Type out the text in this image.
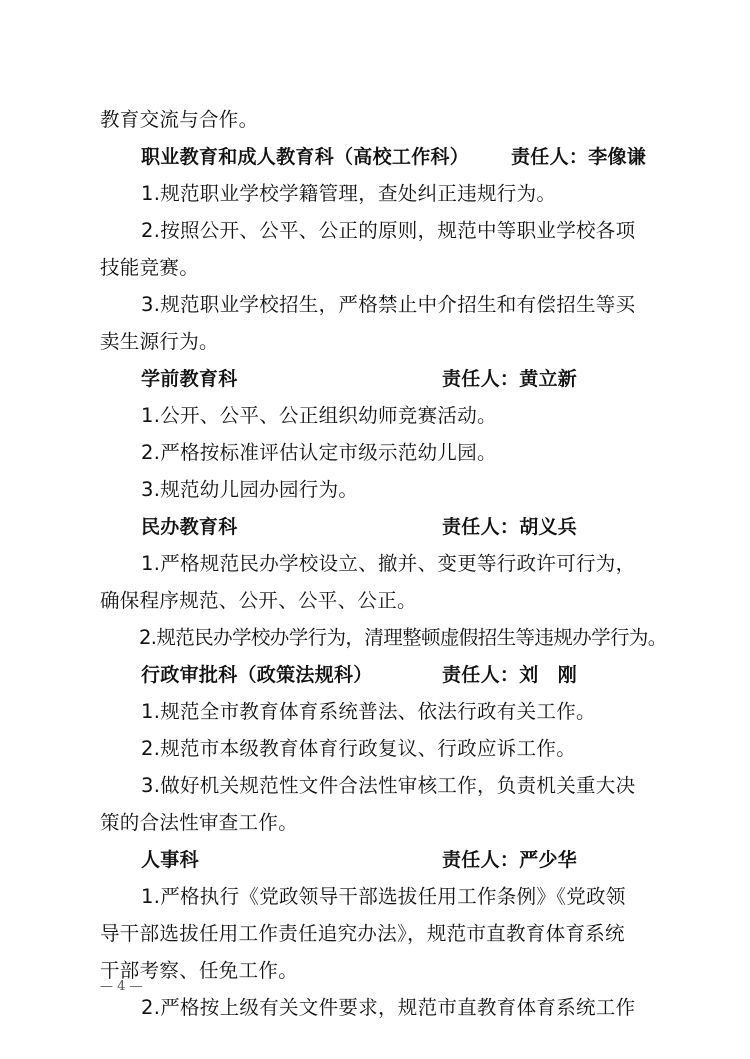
教育交流与合作。
职业教育和成人教育科（高校工作科） 责任人：李像谦
1.规范职业学校学籍管理，查处纠正违规行为。
2.按照公开、公平、公正的原则，规范中等职业学校各项
技能竞赛。
3.规范职业学校招生，严格禁止中介招生和有偿招生等买
卖生源行为。
学前教育科	责任人：黄立新
1.公开、公平、公正组织幼师竞赛活动。
2.严格按标准评估认定市级示范幼儿园。
3.规范幼儿园办园行为。
民办教育科	责任人：胡义兵
1.严格规范民办学校设立、撤并、变更等行政许可行为，
确保程序规范、公开、公平、公正。
2.规范民办学校办学行为，清理整顿虚假招生等违规办学行为。
行政审批科（政策法规科）	责任人：刘　刚
1.规范全市教育体育系统普法、依法行政有关工作。
2.规范市本级教育体育行政复议、行政应诉工作。
3.做好机关规范性文件合法性审核工作，负责机关重大决
策的合法性审查工作。
人事科	责任人：严少华
1.严格执行《党政领导干部选拔任用工作条例》《党政领
导干部选拔任用工作责任追究办法》，规范市直教育体育系统
干部考察、任免工作。
2.严格按上级有关文件要求，规范市直教育体育系统工作
— 4 —
